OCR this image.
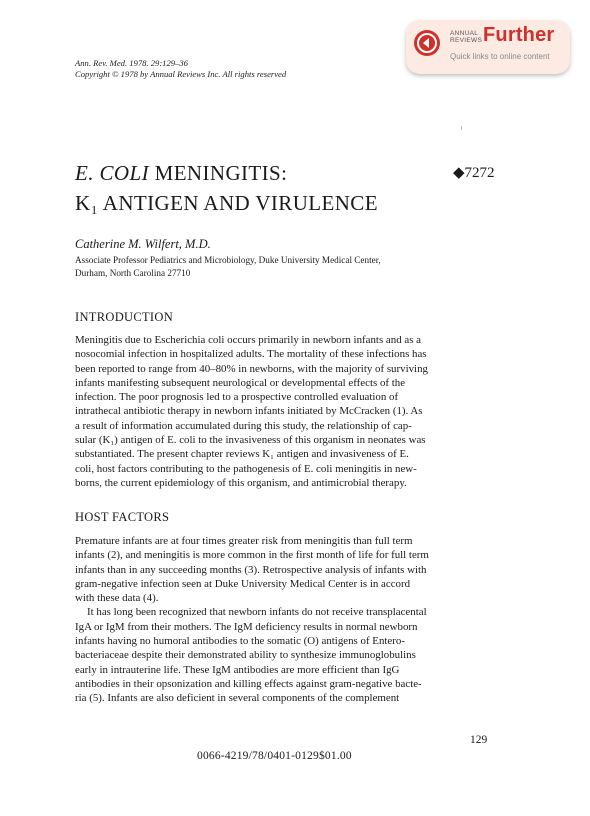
Ann. Rev. Med. 1978. 29:129–36
Copyright © 1978 by Annual Reviews Inc. All rights reserved
ANNUAL
REVIEWS Further
Quick links to online content
E. COLI MENINGITIS:
K₁ ANTIGEN AND VIRULENCE
◆7272
Catherine M. Wilfert, M.D.
Associate Professor Pediatrics and Microbiology, Duke University Medical Center,
Durham, North Carolina 27710
INTRODUCTION
Meningitis due to Escherichia coli occurs primarily in newborn infants and as a
nosocomial infection in hospitalized adults. The mortality of these infections has
been reported to range from 40–80% in newborns, with the majority of surviving
infants manifesting subsequent neurological or developmental effects of the
infection. The poor prognosis led to a prospective controlled evaluation of
intrathecal antibiotic therapy in newborn infants initiated by McCracken (1). As
a result of information accumulated during this study, the relationship of cap-
sular (K₁) antigen of E. coli to the invasiveness of this organism in neonates was
substantiated. The present chapter reviews K₁ antigen and invasiveness of E.
coli, host factors contributing to the pathogenesis of E. coli meningitis in new-
borns, the current epidemiology of this organism, and antimicrobial therapy.
HOST FACTORS
Premature infants are at four times greater risk from meningitis than full term
infants (2), and meningitis is more common in the first month of life for full term
infants than in any succeeding months (3). Retrospective analysis of infants with
gram-negative infection seen at Duke University Medical Center is in accord
with these data (4).
It has long been recognized that newborn infants do not receive transplacental
IgA or IgM from their mothers. The IgM deficiency results in normal newborn
infants having no humoral antibodies to the somatic (O) antigens of Entero-
bacteriaceae despite their demonstrated ability to synthesize immunoglobulins
early in intrauterine life. These IgM antibodies are more efficient than IgG
antibodies in their opsonization and killing effects against gram-negative bacte-
ria (5). Infants are also deficient in several components of the complement
129
0066-4219/78/0401-0129$01.00
